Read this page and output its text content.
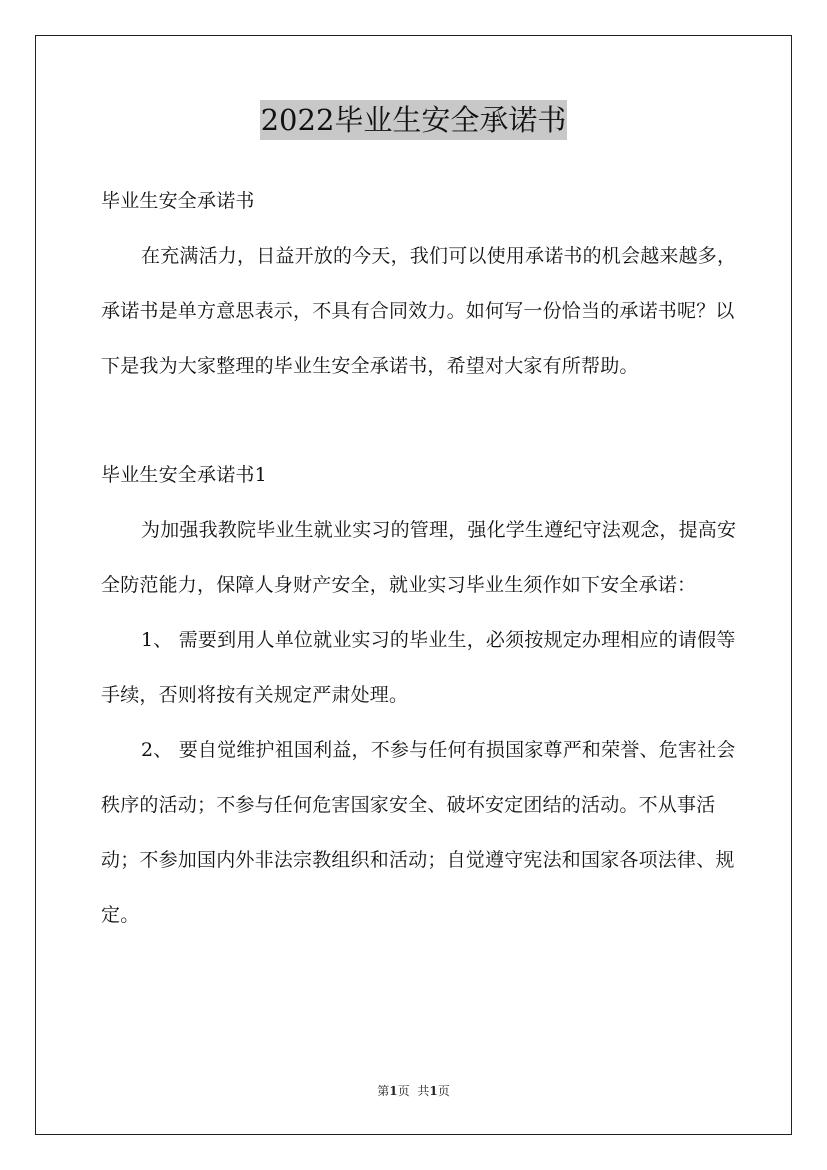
2022毕业生安全承诺书

毕业生安全承诺书

在充满活力，日益开放的今天，我们可以使用承诺书的机会越来越多，承诺书是单方意思表示，不具有合同效力。如何写一份恰当的承诺书呢？以下是我为大家整理的毕业生安全承诺书，希望对大家有所帮助。

毕业生安全承诺书1

为加强我教院毕业生就业实习的管理，强化学生遵纪守法观念，提高安全防范能力，保障人身财产安全，就业实习毕业生须作如下安全承诺：

1、 需要到用人单位就业实习的毕业生，必须按规定办理相应的请假等手续，否则将按有关规定严肃处理。

2、 要自觉维护祖国利益，不参与任何有损国家尊严和荣誉、危害社会秩序的活动；不参与任何危害国家安全、破坏安定团结的活动。不从事活动；不参加国内外非法宗教组织和活动；自觉遵守宪法和国家各项法律、规定。

第1页 共1页
